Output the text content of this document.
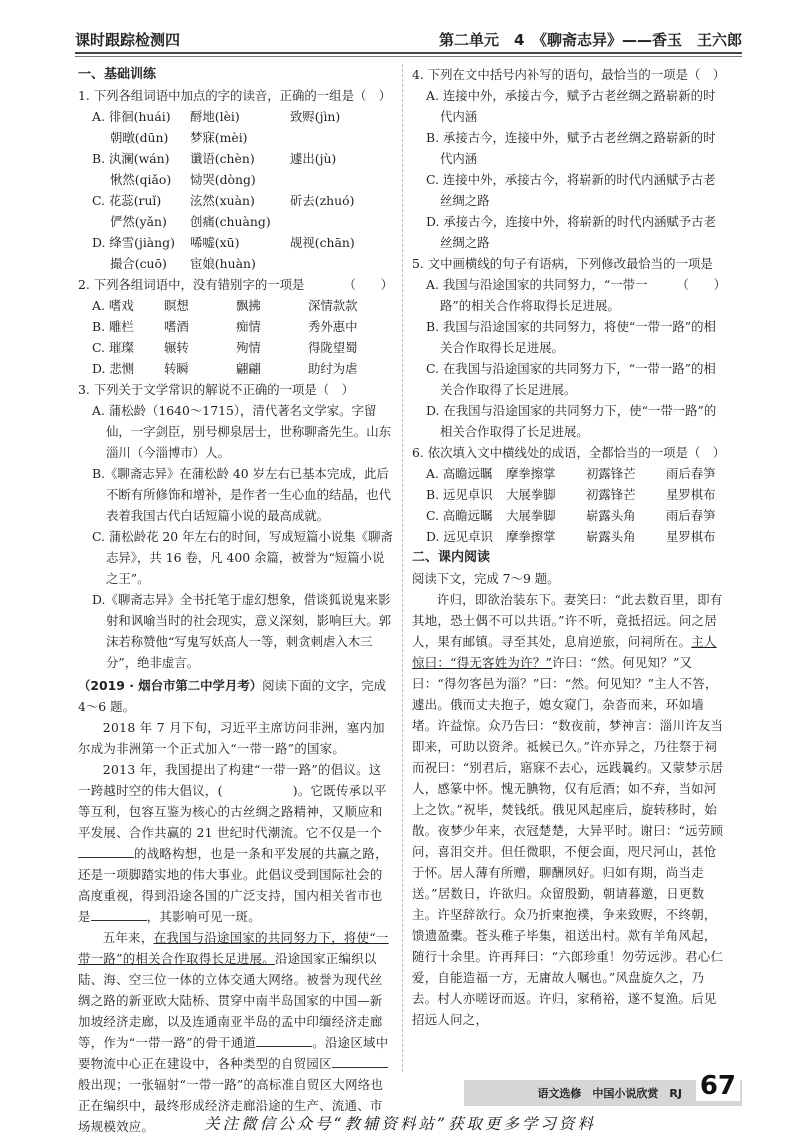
课时跟踪检测四	第二单元　4　《聊斋志异》——香玉　王六郎
一、基础训练
1. 下列各组词语中加点的字的读音，正确的一组是（　）
A. 徘徊(huái)	酹地(lèi)	致赆(jìn)
朝暾(dūn)	梦寐(mèi)
B. 汍澜(wán)	谶语(chèn)	遽出(jù)
愀然(qiǎo)	恸哭(dòng)
C. 花蕊(ruǐ)	泫然(xuàn)	斫去(zhuó)
俨然(yǎn)	创痛(chuàng)
D. 绛雪(jiàng)	唏嘘(xū)	觇视(chān)
撮合(cuō)	宦娘(huàn)
2. 下列各组词语中，没有错别字的一项是	（　　）
A. 嗜戏	瞑想	飘拂	深情款款
B. 雕栏	嗜酒	痴情	秀外惠中
C. 璀璨	辗转	殉情	得陇望蜀
D. 悲恻	转瞬	翩翩	助纣为虐
3. 下列关于文学常识的解说不正确的一项是（　）
A. 蒲松龄（1640～1715），清代著名文学家。字留仙，一字剑臣，别号柳泉居士，世称聊斋先生。山东淄川（今淄博市）人。
B.《聊斋志异》在蒲松龄 40 岁左右已基本完成，此后不断有所修饰和增补，是作者一生心血的结晶，也代表着我国古代白话短篇小说的最高成就。
C. 蒲松龄花 20 年左右的时间，写成短篇小说集《聊斋志异》，共 16 卷，凡 400 余篇，被誉为“短篇小说之王”。
D.《聊斋志异》全书托笔于虚幻想象，借谈狐说鬼来影射和讽喻当时的社会现实，意义深刻，影响巨大。郭沫若称赞他“写鬼写妖高人一等，刺贪刺虐入木三分”，绝非虚言。
（2019 · 烟台市第二中学月考）阅读下面的文字，完成 4～6 题。
2018 年 7 月下旬，习近平主席访问非洲，塞内加尔成为非洲第一个正式加入“一带一路”的国家。
2013 年，我国提出了构建“一带一路”的倡议。这一跨越时空的伟大倡议，(	)。它既传承以平等互利，包容互鉴为核心的古丝绸之路精神，又顺应和平发展、合作共赢的 21 世纪时代潮流。它不仅是一个的战略构想，也是一条和平发展的共赢之路，还是一项脚踏实地的伟大事业。此倡议受到国际社会的高度重视，得到沿途各国的广泛支持，国内相关省市也是	，其影响可见一斑。
五年来，在我国与沿途国家的共同努力下，将使“一带一路”的相关合作取得长足进展。沿途国家正编织以陆、海、空三位一体的立体交通大网络。被誉为现代丝绸之路的新亚欧大陆桥、贯穿中南半岛国家的中国—新加坡经济走廊，以及连通南亚半岛的孟中印缅经济走廊等，作为“一带一路”的骨干通道	。沿途区域中要物流中心正在建设中，各种类型的自贸园区般出现；一张辐射“一带一路”的高标准自贸区大网络也正在编织中，最终形成经济走廊沿途的生产、流通、市场规模效应。
4. 下列在文中括号内补写的语句，最恰当的一项是（　）
A. 连接中外，承接古今，赋予古老丝绸之路崭新的时代内涵
B. 承接古今，连接中外，赋予古老丝绸之路崭新的时代内涵
C. 连接中外，承接古今，将崭新的时代内涵赋予古老丝绸之路
D. 承接古今，连接中外，将崭新的时代内涵赋予古老丝绸之路
5. 文中画横线的句子有语病，下列修改最恰当的一项是
（　　）
A. 我国与沿途国家的共同努力，“一带一路”的相关合作将取得长足进展。
B. 我国与沿途国家的共同努力，将使“一带一路”的相关合作取得长足进展。
C. 在我国与沿途国家的共同努力下，“一带一路”的相关合作取得了长足进展。
D. 在我国与沿途国家的共同努力下，使“一带一路”的相关合作取得了长足进展。
6. 依次填入文中横线处的成语，全都恰当的一项是（　）
A. 高瞻远瞩	摩拳擦掌	初露锋芒	雨后春笋
B. 远见卓识	大展拳脚	初露锋芒	星罗棋布
C. 高瞻远瞩	大展拳脚	崭露头角	雨后春笋
D. 远见卓识	摩拳擦掌	崭露头角	星罗棋布
二、课内阅读
阅读下文，完成 7～9 题。
许归，即欲治装东下。妻笑曰：“此去数百里，即有其地，恐土偶不可以共语。”许不听，竟抵招远。问之居人，果有邮镇。寻至其处，息肩逆旅，问祠所在。主人惊曰：“得无客姓为许？”许曰：“然。何见知？”又曰：“得勿客邑为淄？”曰：“然。何见知？”主人不答，遽出。俄而丈夫抱子，媳女窥门，杂沓而来，环如墙堵。许益惊。众乃告曰：“数夜前，梦神言：淄川许友当即来，可助以资斧。祗候已久。”许亦异之，乃往祭于祠而祝曰：“别君后，寤寐不去心，远践曩约。又蒙梦示居人，感篆中怀。愧无腆物，仅有卮酒；如不弃，当如河上之饮。”祝毕，焚钱纸。俄见风起座后，旋转移时，始散。夜梦少年来，衣冠楚楚，大异平时。谢曰：“远劳顾问，喜泪交并。但任微职，不便会面，咫尺河山，甚怆于怀。居人薄有所赠，聊酬夙好。归如有期，尚当走送。”居数日，许欲归。众留殷勤，朝请暮邀，日更数主。许坚辞欲行。众乃折柬抱襆，争来致赆，不终朝，馈遗盈橐。苍头稚子毕集，祖送出村。欻有羊角风起，随行十余里。许再拜曰：“六郎珍重！勿劳远涉。君心仁爱，自能造福一方，无庸故人嘱也。”风盘旋久之，乃去。村人亦嗟讶而返。许归，家稍裕，遂不复渔。后见招远人问之，
语文选修　中国小说欣赏　RJ 67
关注微信公众号“教辅资料站”获取更多学习资料
